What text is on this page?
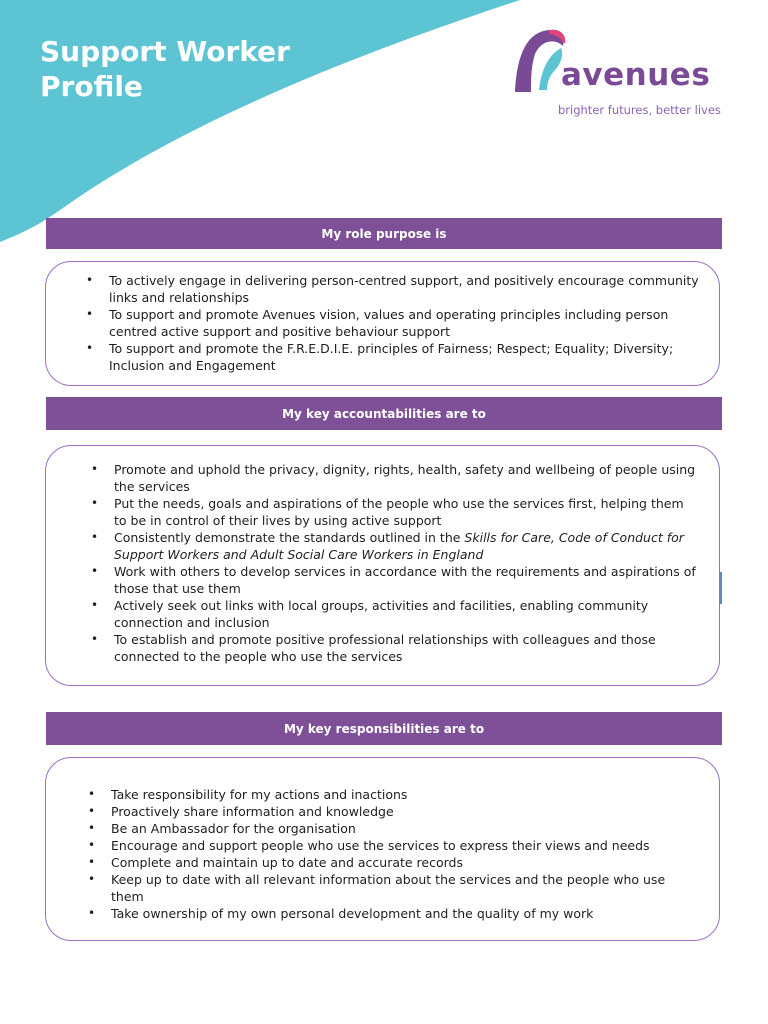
Support Worker
Profile	avenues
brighter futures, better lives
My role purpose is
• To actively engage in delivering person-centred support, and positively encourage community links and relationships
• To support and promote Avenues vision, values and operating principles including person centred active support and positive behaviour support
• To support and promote the F.R.E.D.I.E. principles of Fairness; Respect; Equality; Diversity; Inclusion and Engagement
My key accountabilities are to
• Promote and uphold the privacy, dignity, rights, health, safety and wellbeing of people using the services
• Put the needs, goals and aspirations of the people who use the services first, helping them to be in control of their lives by using active support
• Consistently demonstrate the standards outlined in the Skills for Care, Code of Conduct for Support Workers and Adult Social Care Workers in England
• Work with others to develop services in accordance with the requirements and aspirations of those that use them
• Actively seek out links with local groups, activities and facilities, enabling community connection and inclusion
• To establish and promote positive professional relationships with colleagues and those connected to the people who use the services
My key responsibilities are to
• Take responsibility for my actions and inactions
• Proactively share information and knowledge
• Be an Ambassador for the organisation
• Encourage and support people who use the services to express their views and needs
• Complete and maintain up to date and accurate records
• Keep up to date with all relevant information about the services and the people who use them
• Take ownership of my own personal development and the quality of my work
